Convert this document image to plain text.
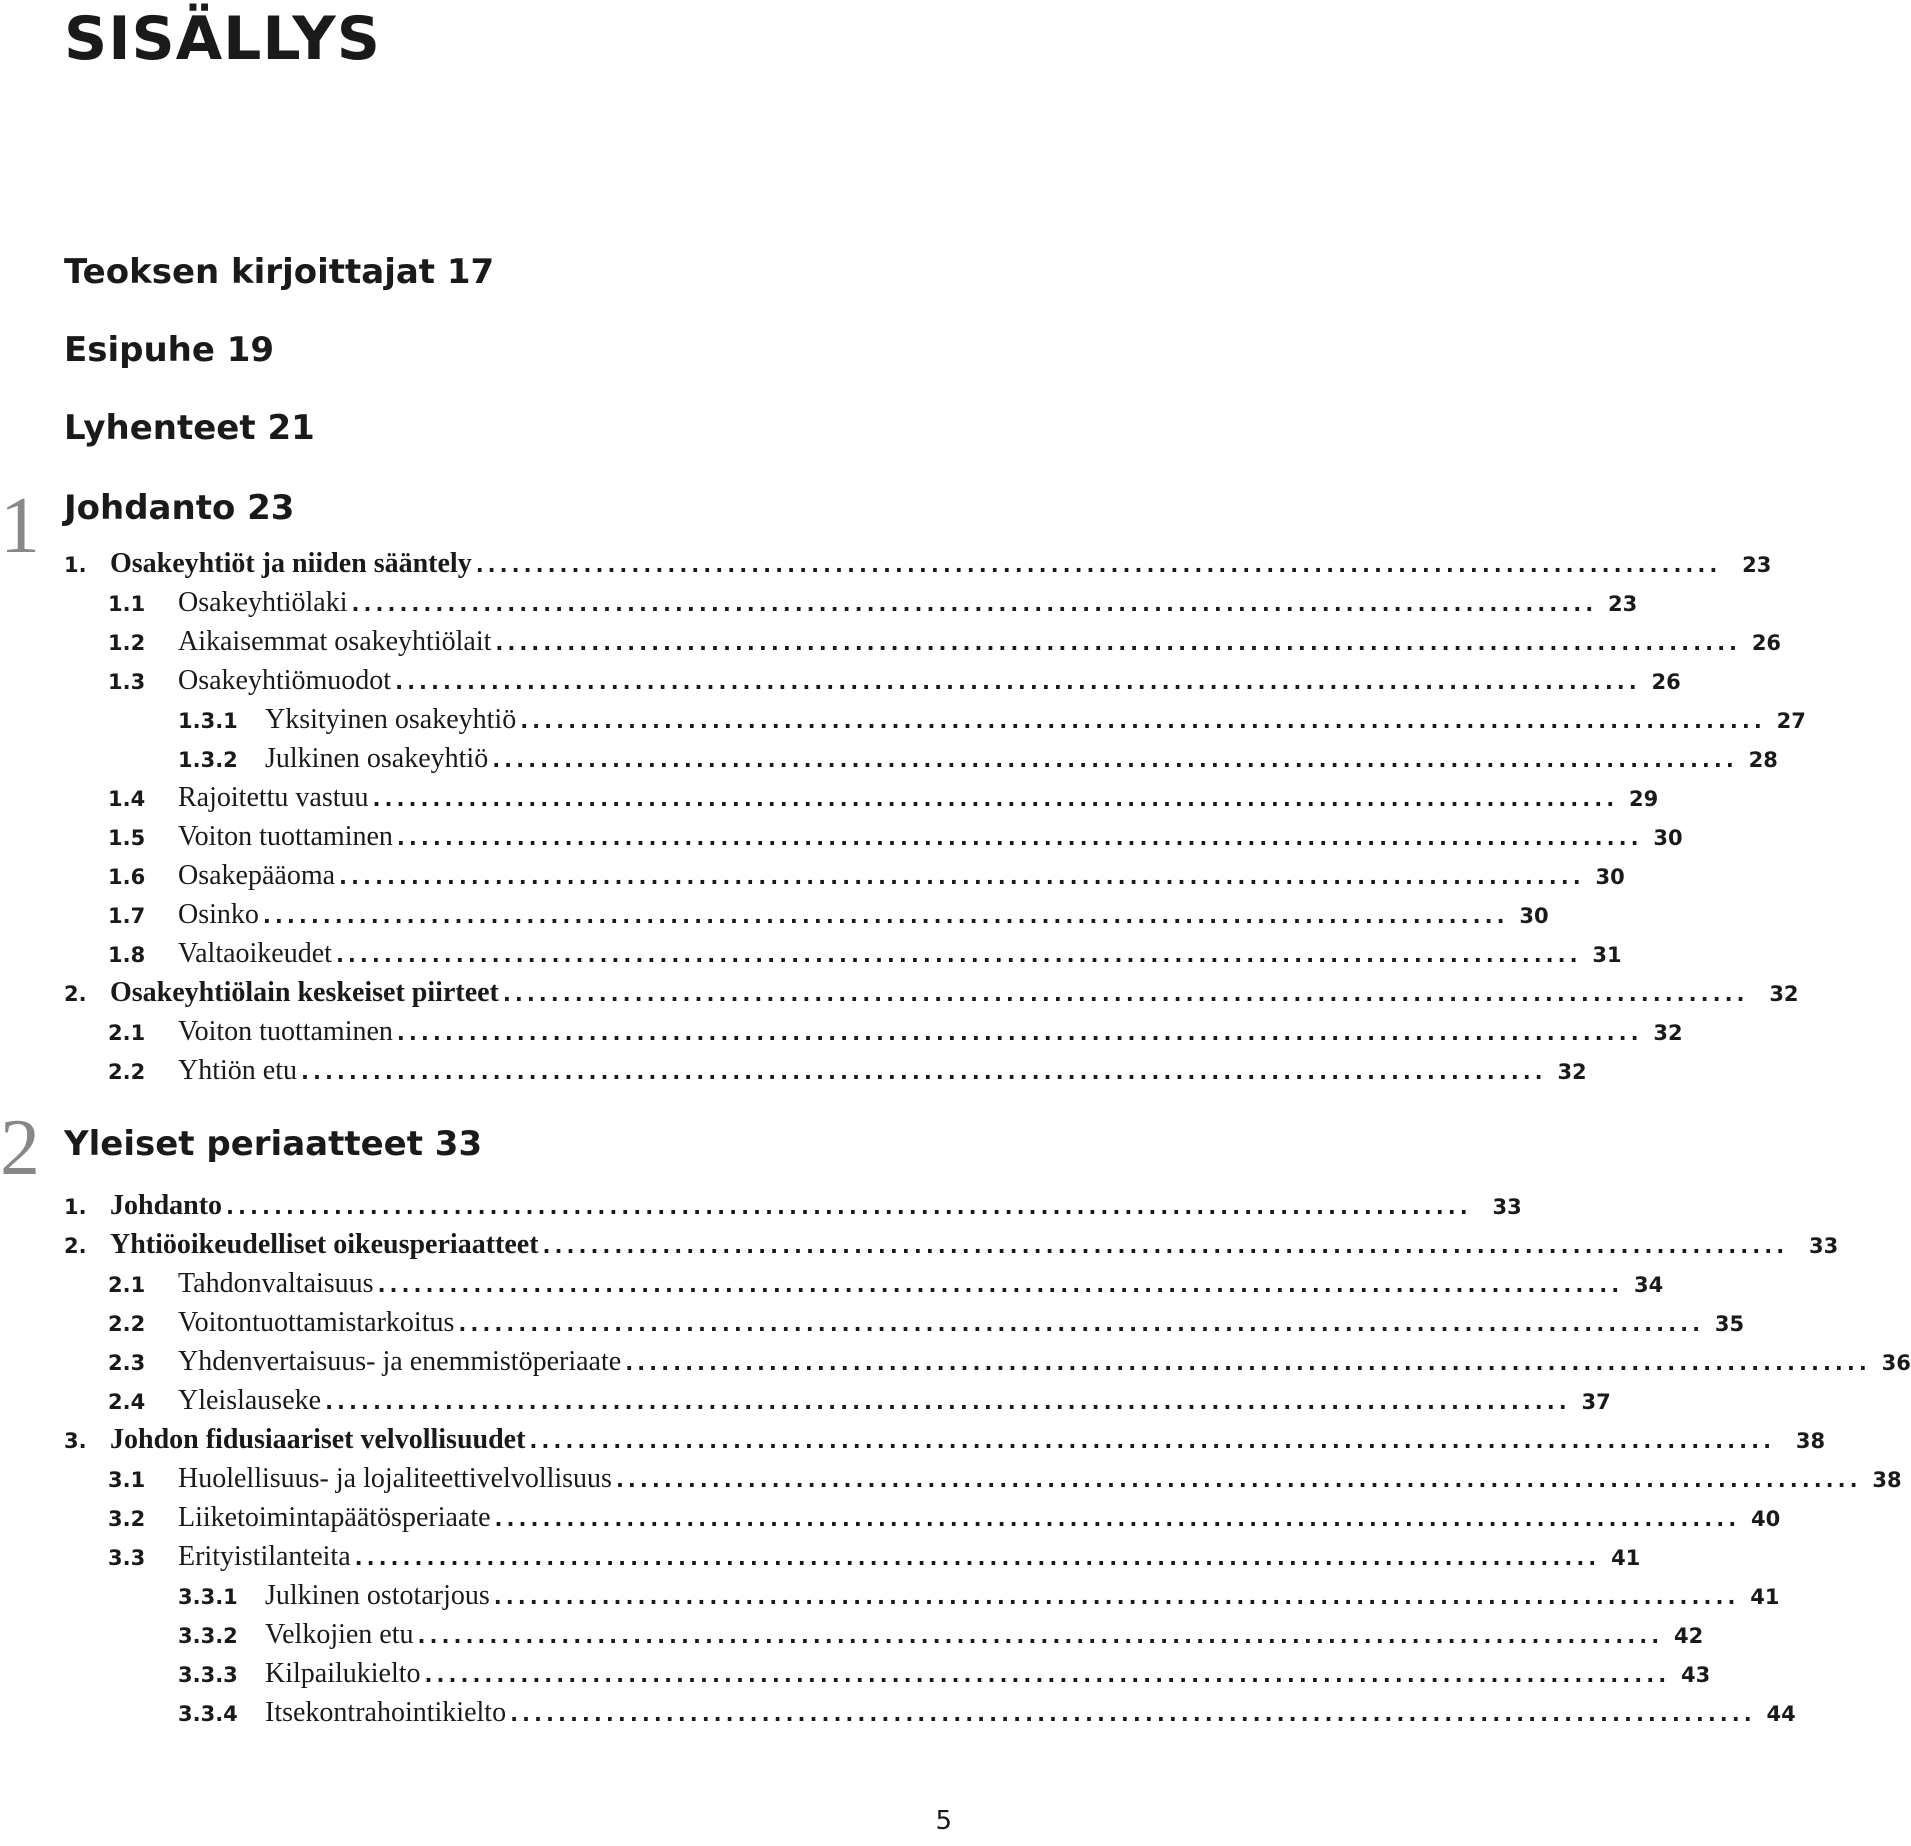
SISÄLLYS

Teoksen kirjoittajat 17

Esipuhe 19

Lyhenteet 21

1 Johdanto 23

2 Yleiset periaatteet 33

1. Osakeyhtiöt ja niiden sääntely ........................................................................................................ 23
1.1	Osakeyhtiölaki ........................................................................................................ 23
1.2	Aikaisemmat osakeyhtiölait ........................................................................................................ 26
1.3	Osakeyhtiömuodot ........................................................................................................ 26
1.3.1 Yksityinen osakeyhtiö ........................................................................................................ 27
1.3.2 Julkinen osakeyhtiö ........................................................................................................ 28
1.4	Rajoitettu vastuu ........................................................................................................ 29
1.5	Voiton tuottaminen ........................................................................................................ 30
1.6	Osakepääoma ........................................................................................................ 30
1.7	Osinko ........................................................................................................ 30
1.8	Valtaoikeudet ........................................................................................................ 31
2. Osakeyhtiölain keskeiset piirteet ........................................................................................................ 32
2.1	Voiton tuottaminen ........................................................................................................ 32
2.2	Yhtiön etu ........................................................................................................ 32
1. Johdanto ........................................................................................................ 33
2. Yhtiöoikeudelliset oikeusperiaatteet ........................................................................................................ 33
2.1	Tahdonvaltaisuus ........................................................................................................ 34
2.2	Voitontuottamistarkoitus ........................................................................................................ 35
2.3	Yhdenvertaisuus- ja enemmistöperiaate ........................................................................................................ 36
2.4	Yleislauseke ........................................................................................................ 37
3. Johdon fidusiaariset velvollisuudet ........................................................................................................ 38
3.1	Huolellisuus- ja lojaliteettivelvollisuus ........................................................................................................ 38
3.2	Liiketoimintapäätösperiaate ........................................................................................................ 40
3.3	Erityistilanteita ........................................................................................................ 41
3.3.1 Julkinen ostotarjous ........................................................................................................ 41
3.3.2 Velkojien etu ........................................................................................................ 42
3.3.3 Kilpailukielto ........................................................................................................ 43
3.3.4 Itsekontrahointikielto ........................................................................................................ 44
5
